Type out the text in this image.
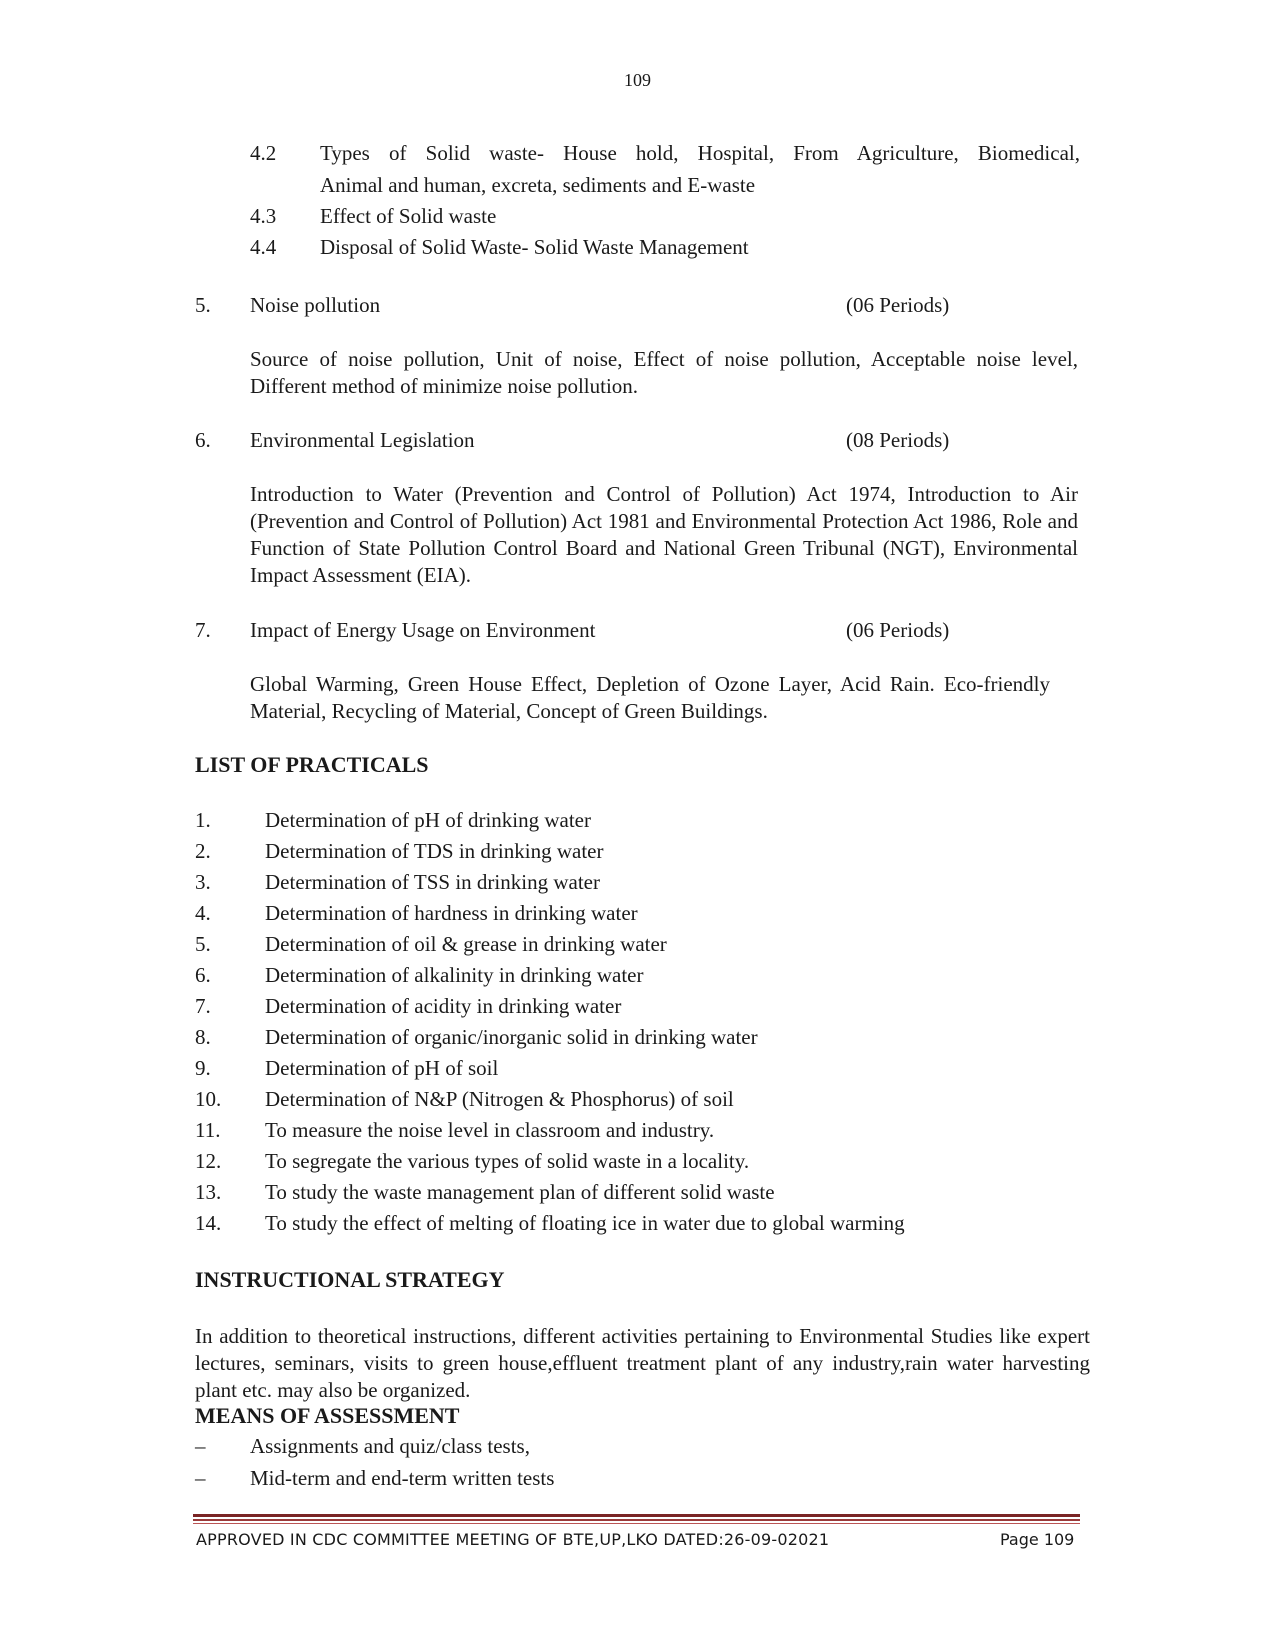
109

4.2 Types of Solid waste- House hold, Hospital, From Agriculture, Biomedical,
Animal and human, excreta, sediments and E-waste
4.3 Effect of Solid waste
4.4 Disposal of Solid Waste- Solid Waste Management
5. Noise pollution	(06 Periods)

Source of noise pollution, Unit of noise, Effect of noise pollution, Acceptable noise level, Different method of minimize noise pollution.

6. Environmental Legislation	(08 Periods)

Introduction to Water (Prevention and Control of Pollution) Act 1974, Introduction to Air (Prevention and Control of Pollution) Act 1981 and Environmental Protection Act 1986, Role and Function of State Pollution Control Board and National Green Tribunal (NGT), Environmental Impact Assessment (EIA).

7. Impact of Energy Usage on Environment	(06 Periods)

Global Warming, Green House Effect, Depletion of Ozone Layer, Acid Rain. Eco-friendly Material, Recycling of Material, Concept of Green Buildings.

LIST OF PRACTICALS
1.	Determination of pH of drinking water
2.	Determination of TDS in drinking water
3.	Determination of TSS in drinking water
4.	Determination of hardness in drinking water
5.	Determination of oil & grease in drinking water
6.	Determination of alkalinity in drinking water
7.	Determination of acidity in drinking water
8.	Determination of organic/inorganic solid in drinking water
9.	Determination of pH of soil
10. Determination of N&P (Nitrogen & Phosphorus) of soil
11. To measure the noise level in classroom and industry.
12. To segregate the various types of solid waste in a locality.
13. To study the waste management plan of different solid waste
14. To study the effect of melting of floating ice in water due to global warming
INSTRUCTIONAL STRATEGY

In addition to theoretical instructions, different activities pertaining to Environmental Studies like expert lectures, seminars, visits to green house,effluent treatment plant of any industry,rain water harvesting plant etc. may also be organized.

MEANS OF ASSESSMENT
– Assignments and quiz/class tests,
– Mid-term and end-term written tests
APPROVED IN CDC COMMITTEE MEETING OF BTE,UP,LKO DATED:26-09-02021	Page 109
